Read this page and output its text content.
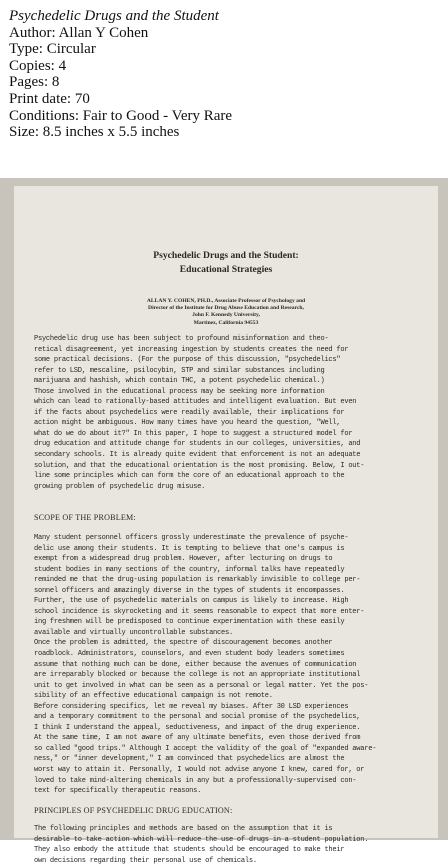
Psychedelic Drugs and the Student
Author: Allan Y Cohen
Type: Circular
Copies: 4
Pages: 8
Print date: 70
Conditions: Fair to Good - Very Rare
Size: 8.5 inches x 5.5 inches
Psychedelic Drugs and the Student:
Educational Strategies
ALLAN Y. COHEN, PH.D., Associate Professor of Psychology and
Director of the Institute for Drug Abuse Education and Research,
John F. Kennedy University,
Martinez, California 94553
Psychedelic drug use has been subject to profound misinformation and theo-
retical disagreement, yet increasing ingestion by students creates the need for
some practical decisions. (For the purpose of this discussion, "psychedelics"
refer to LSD, mescaline, psilocybin, STP and similar substances including
marijuana and hashish, which contain THC, a potent psychedelic chemical.)
Those involved in the educational process may be seeking more information
which can lead to rationally-based attitudes and intelligent evaluation. But even
if the facts about psychedelics were readily available, their implications for
action might be ambiguous. How many times have you heard the question, "Well,
what do we do about it?" In this paper, I hope to suggest a structured model for
drug education and attitude change for students in our colleges, universities, and
secondary schools. It is already quite evident that enforcement is not an adequate
solution, and that the educational orientation is the most promising. Below, I out-
line some principles which can form the core of an educational approach to the
growing problem of psychedelic drug misuse.
SCOPE OF THE PROBLEM:
Many student personnel officers grossly underestimate the prevalence of psyche-
delic use among their students. It is tempting to believe that one's campus is
exempt from a widespread drug problem. However, after lecturing on drugs to
student bodies in many sections of the country, informal talks have repeatedly
reminded me that the drug-using population is remarkably invisible to college per-
sonnel officers and amazingly diverse in the types of students it encompasses.
Further, the use of psychedelic materials on campus is likely to increase. High
school incidence is skyrocketing and it seems reasonable to expect that more enter-
ing freshmen will be predisposed to continue experimentation with these easily
available and virtually uncontrollable substances.
Once the problem is admitted, the spectre of discouragement becomes another
roadblock. Administrators, counselors, and even student body leaders sometimes
assume that nothing much can be done, either because the avenues of communication
are irreparably blocked or because the college is not an appropriate institutional
unit to get involved in what can be seen as a personal or legal matter. Yet the pos-
sibility of an effective educational campaign is not remote.
Before considering specifics, let me reveal my biases. After 30 LSD experiences
and a temporary commitment to the personal and social promise of the psychedelics,
I think I understand the appeal, seductiveness, and impact of the drug experience.
At the same time, I am not aware of any ultimate benefits, even those derived from
so called "good trips." Although I accept the validity of the goal of "expanded aware-
ness," or "inner development," I am convinced that psychedelics are almost the
worst way to attain it. Personally, I would not advise anyone I knew, cared for, or
loved to take mind-altering chemicals in any but a professionally-supervised con-
text for specifically therapeutic reasons.
PRINCIPLES OF PSYCHEDELIC DRUG EDUCATION:
The following principles and methods are based on the assumption that it is
desirable to take action which will reduce the use of drugs in a student population.
They also embody the attitude that students should be encouraged to make their
own decisions regarding their personal use of chemicals.
